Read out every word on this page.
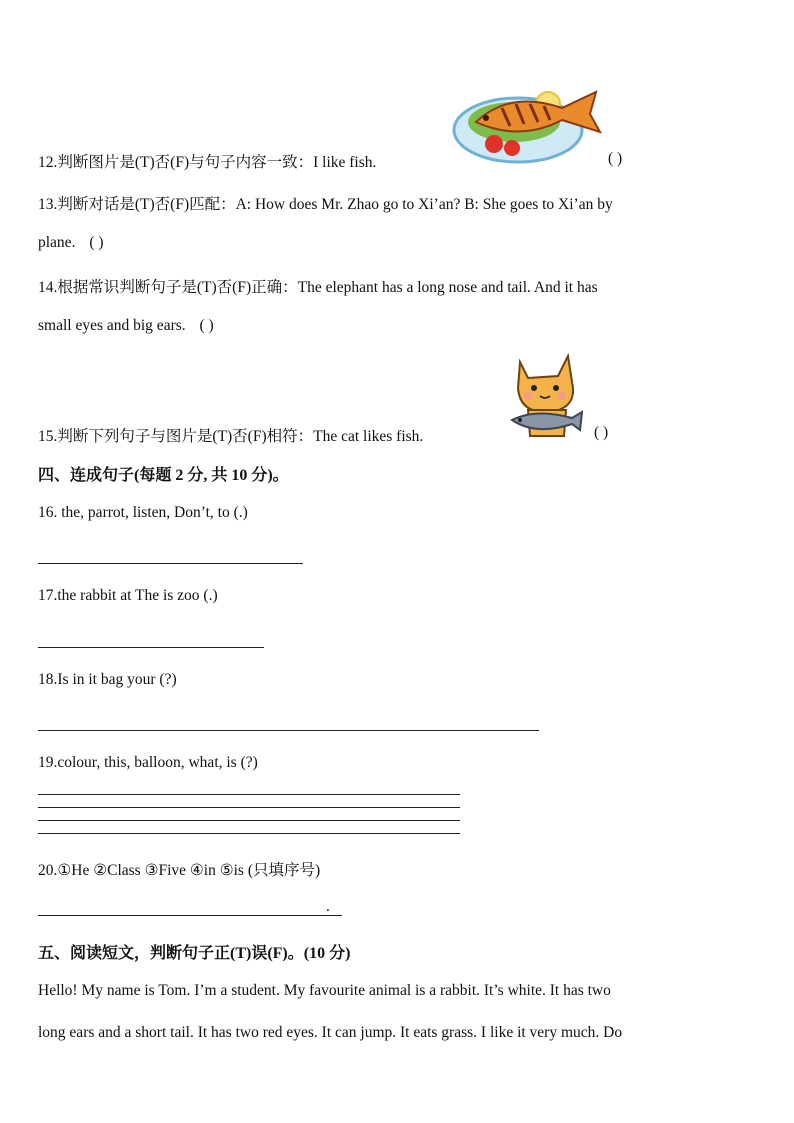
12.判断图片是(T)否(F)与句子内容一致：I like fish.	( )
13.判断对话是(T)否(F)匹配：A: How does Mr. Zhao go to Xi’an? B: She goes to Xi’an by
plane. ( )
14.根据常识判断句子是(T)否(F)正确：The elephant has a long nose and tail. And it has
small eyes and big ears. ( )
15.判断下列句子与图片是(T)否(F)相符：The cat likes fish.	( )
四、连成句子(每题 2 分, 共 10 分)。
16. the, parrot, listen, Don’t, to (.)
17.the rabbit at The is zoo (.)
18.Is in it bag your (?)
19.colour, this, balloon, what, is (?)
20.①He ②Class ③Five ④in ⑤is (只填序号)
.
五、阅读短文，判断句子正(T)误(F)。(10 分)
Hello! My name is Tom. I’m a student. My favourite animal is a rabbit. It’s white. It has two
long ears and a short tail. It has two red eyes. It can jump. It eats grass. I like it very much. Do
